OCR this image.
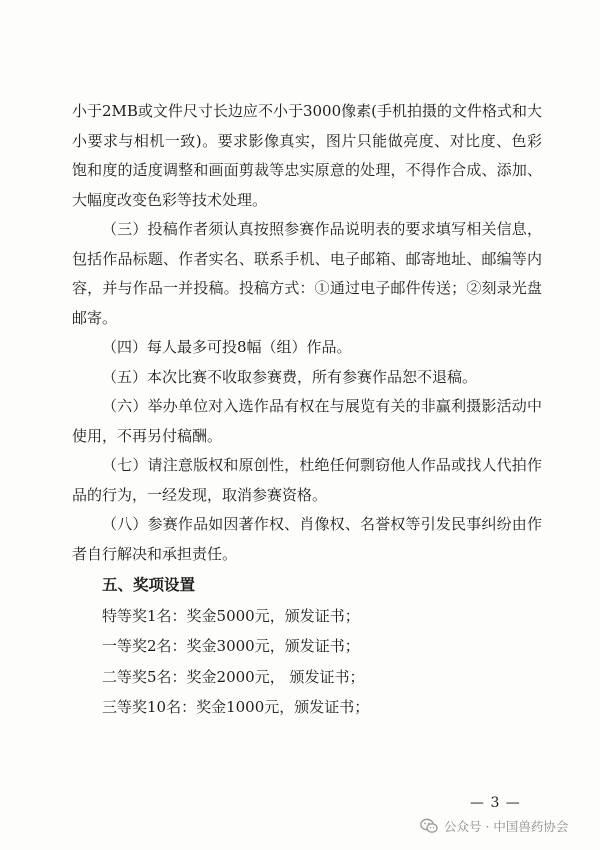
小于2MB或文件尺寸长边应不小于3000像素(手机拍摄的文件格式和大小要求与相机一致)。要求影像真实，图片只能做亮度、对比度、色彩饱和度的适度调整和画面剪裁等忠实原意的处理，不得作合成、添加、大幅度改变色彩等技术处理。

（三）投稿作者须认真按照参赛作品说明表的要求填写相关信息，包括作品标题、作者实名、联系手机、电子邮箱、邮寄地址、邮编等内容，并与作品一并投稿。投稿方式：①通过电子邮件传送；②刻录光盘邮寄。

（四）每人最多可投8幅（组）作品。

（五）本次比赛不收取参赛费，所有参赛作品恕不退稿。

（六）举办单位对入选作品有权在与展览有关的非赢利摄影活动中使用，不再另付稿酬。

（七）请注意版权和原创性，杜绝任何剽窃他人作品或找人代拍作品的行为，一经发现，取消参赛资格。

（八）参赛作品如因著作权、肖像权、名誉权等引发民事纠纷由作者自行解决和承担责任。

五、奖项设置

特等奖1名：奖金5000元，颁发证书；

一等奖2名：奖金3000元，颁发证书；

二等奖5名：奖金2000元， 颁发证书；

三等奖10名：奖金1000元，颁发证书；

— 3 —
公众号 · 中国兽药协会
